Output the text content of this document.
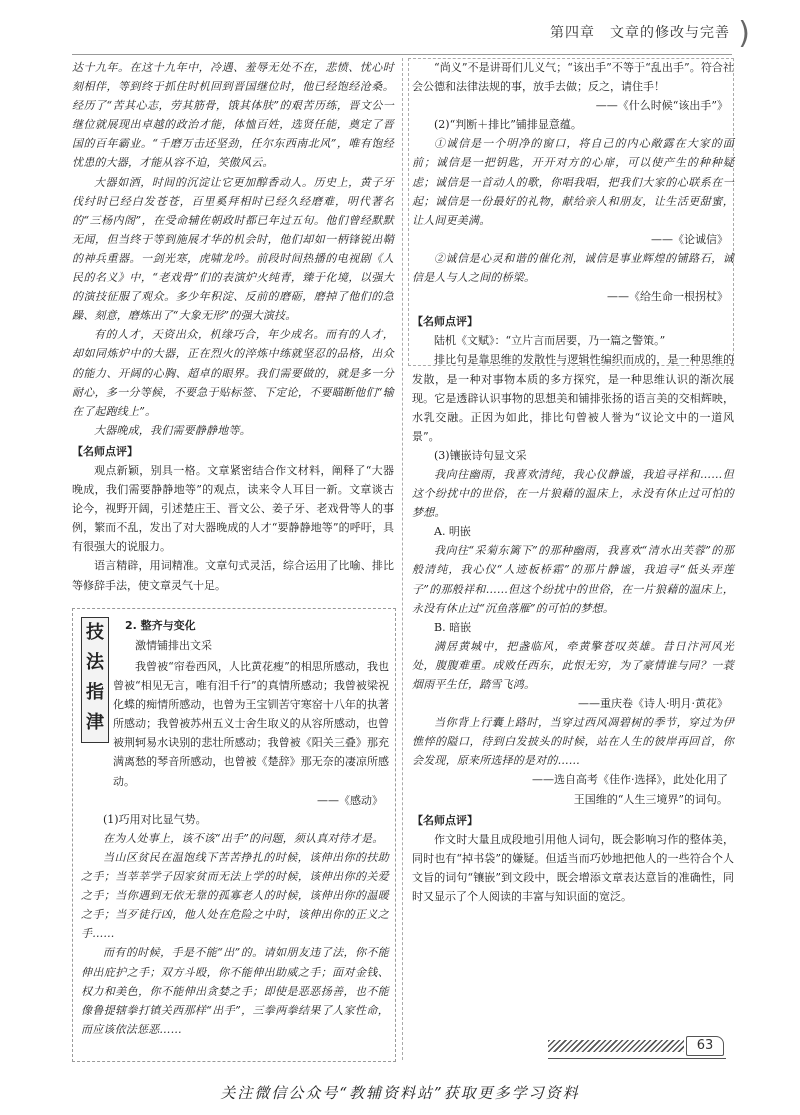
第四章　文章的修改与完善 )

达十九年。在这十九年中，冷遇、羞辱无处不在，悲愤、忧心时刻相伴，等到终于抓住时机回到晋国继位时，他已经饱经沧桑。经历了“苦其心志，劳其筋骨，饿其体肤”的艰苦历练，晋文公一继位就展现出卓越的政治才能，体恤百姓，选贤任能，奠定了晋国的百年霸业。“千磨万击还坚劲，任尔东西南北风”，唯有饱经忧患的大器，才能从容不迫，笑傲风云。

大器如酒，时间的沉淀让它更加醇香动人。历史上，黄子牙伐纣时已经白发苍苍，百里奚拜相时已经久经磨难，明代著名的“三杨内阁”，在受命辅佐朝政时都已年过五旬。他们曾经默默无闻，但当终于等到施展才华的机会时，他们却如一柄锋锐出鞘的神兵重器。一剑光寒，虎啸龙吟。前段时间热播的电视剧《人民的名义》中，“老戏骨”们的表演炉火纯青，臻于化境，以强大的演技征服了观众。多少年积淀、反前的磨砺，磨掉了他们的急躁、刻意，磨炼出了“大象无形”的强大演技。

有的人才，天资出众，机缘巧合，年少成名。而有的人才，却如同炼炉中的大器，正在烈火的淬炼中练就坚忍的品格，出众的能力、开阔的心胸、超卓的眼界。我们需要做的，就是多一分耐心，多一分等候，不要急于贴标签、下定论，不要瞄断他们“输在了起跑线上”。

大器晚成，我们需要静静地等。

【名师点评】

观点新颖，别具一格。文章紧密结合作文材料，阐释了“大器晚成，我们需要静静地等”的观点，读来令人耳目一新。文章谈古论今，视野开阔，引述楚庄王、晋文公、姜子牙、老戏骨等人的事例，繁而不乱，发出了对大器晚成的人才“要静静地等”的呼吁，具有很强大的说服力。

语言精辟，用词精准。文章句式灵活，综合运用了比喻、排比等修辞手法，使文章灵气十足。

技法指津
2. 整齐与变化
激情铺排出文采

我曾被“帘卷西风，人比黄花瘦”的相思所感动，我也曾被“相见无言，唯有泪千行”的真情所感动；我曾被梁祝化蝶的痴情所感动，也曾为王宝钏苦守寒窑十八年的执著所感动；我曾被苏州五义士舍生取义的从容所感动，也曾被荆轲易水诀别的悲壮所感动；我曾被《阳关三叠》那充满离愁的琴音所感动，也曾被《楚辞》那无奈的凄凉所感动。

——《感动》

(1)巧用对比显气势。

在为人处事上，该不该“出手”的问题，须认真对待才是。

当山区贫民在温饱线下苦苦挣扎的时候，该伸出你的扶助之手；当莘莘学子因家贫而无法上学的时候，该伸出你的关爱之手；当你遇到无依无靠的孤寡老人的时候，该伸出你的温暖之手；当歹徒行凶，他人处在危险之中时，该伸出你的正义之手……

而有的时候，手是不能“出”的。请如朋友违了法，你不能伸出庇护之手；双方斗殴，你不能伸出助威之手；面对金钱、权力和美色，你不能伸出贪婪之手；即使是恶恶扬善，也不能像鲁提辖拳打镇关西那样“出手”，三拳两拳结果了人家性命，而应该依法惩恶……

“尚义”不是讲哥们儿义气；“该出手”不等于“乱出手”。符合社会公德和法律法规的事，放手去做；反之，请住手！

——《什么时候“该出手”》

(2)“判断＋排比”铺排显意蕴。

①诚信是一个明净的窗口，将自己的内心敞露在大家的面前；诚信是一把钥匙，开开对方的心扉，可以使产生的种种疑虑；诚信是一首动人的歌，你唱我唱，把我们大家的心联系在一起；诚信是一份最好的礼物，献给亲人和朋友，让生活更甜蜜，让人间更美满。

——《论诚信》

②诚信是心灵和谐的催化剂，诚信是事业辉煌的铺路石，诚信是人与人之间的桥梁。

——《给生命一根拐杖》

【名师点评】

陆机《文赋》：“立片言而居要，乃一篇之警策。”

排比句是靠思维的发散性与逻辑性编织而成的，是一种思维的发散，是一种对事物本质的多方探究，是一种思维认识的渐次展现。它是透辟认识事物的思想美和铺排张扬的语言美的交相辉映，水乳交融。正因为如此，排比句曾被人誉为“议论文中的一道风景”。

(3)镶嵌诗句显文采

我向往幽雨，我喜欢清纯，我心仪静谧，我追寻祥和……但这个纷扰中的世俗，在一片狼藉的温床上，永没有休止过可怕的梦想。

A. 明嵌

我向往“采菊东篱下”的那种幽雨，我喜欢“清水出芙蓉”的那般清纯，我心仪“人迹板桥霜”的那片静谧，我追寻“低头弄莲子”的那般祥和……但这个纷扰中的世俗，在一片狼藉的温床上，永没有休止过“沉鱼落雁”的可怕的梦想。

B. 暗嵌

满居黄城中，把盏临风，牵黄擎苍叹英雄。昔日汴河风光处，腹腹难重。成败任西东，此恨无穷，为了豪情谁与同？一蓑烟雨平生任，踏雪飞鸿。

——重庆卷《诗人·明月·黄花》

当你背上行囊上路时，当穿过西风凋碧树的季节，穿过为伊憔悴的隘口，待到白发披头的时候，站在人生的彼岸再回首，你会发现，原来所选择的是对的……

——选自高考《佳作·选择》，此处化用了

王国维的“人生三境界”的词句。

【名师点评】

作文时大量且成段地引用他人词句，既会影响习作的整体美，同时也有“掉书袋”的嫌疑。但适当而巧妙地把他人的一些符合个人文旨的词句“镶嵌”到文段中，既会增添文章表达意旨的准确性，同时又显示了个人阅读的丰富与知识面的宽泛。

63
关注微信公众号“教辅资料站”获取更多学习资料
